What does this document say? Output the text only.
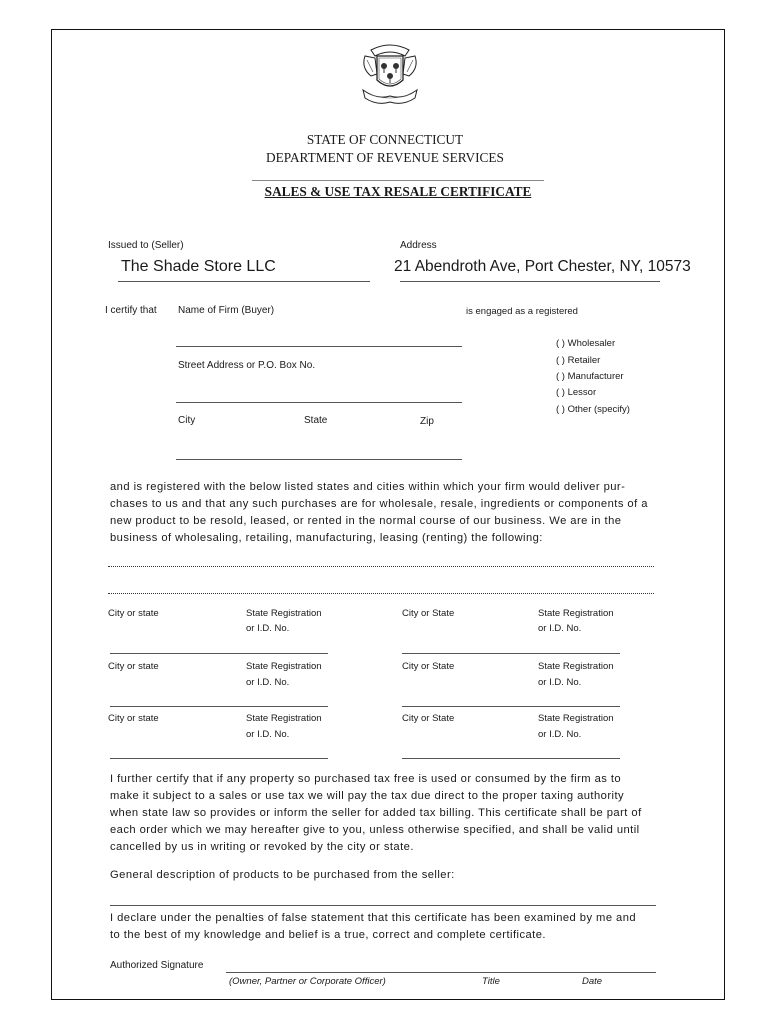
STATE OF CONNECTICUT
DEPARTMENT OF REVENUE SERVICES
SALES & USE TAX RESALE CERTIFICATE
Issued to (Seller)
The Shade Store LLC
Address
21 Abendroth Ave, Port Chester, NY, 10573
I certify that Name of Firm (Buyer)	is engaged as a registered
Street Address or P.O. Box No.
City	State	Zip
( ) Wholesaler
( ) Retailer
( ) Manufacturer
( ) Lessor
( ) Other (specify)
and is registered with the below listed states and cities within which your firm would deliver pur-
chases to us and that any such purchases are for wholesale, resale, ingredients or components of a
new product to be resold, leased, or rented in the normal course of our business. We are in the
business of wholesaling, retailing, manufacturing, leasing (renting) the following:
City or state	State Registration
or I.D. No.
City or State	State Registration
or I.D. No.
City or state	State Registration
or I.D. No.
City or State	State Registration
or I.D. No.
City or state	State Registration
or I.D. No.
City or State	State Registration
or I.D. No.
I further certify that if any property so purchased tax free is used or consumed by the firm as to
make it subject to a sales or use tax we will pay the tax due direct to the proper taxing authority
when state law so provides or inform the seller for added tax billing. This certificate shall be part of
each order which we may hereafter give to you, unless otherwise specified, and shall be valid until
cancelled by us in writing or revoked by the city or state.
General description of products to be purchased from the seller:
I declare under the penalties of false statement that this certificate has been examined by me and
to the best of my knowledge and belief is a true, correct and complete certificate.
Authorized Signature
(Owner, Partner or Corporate Officer)	Title	Date
